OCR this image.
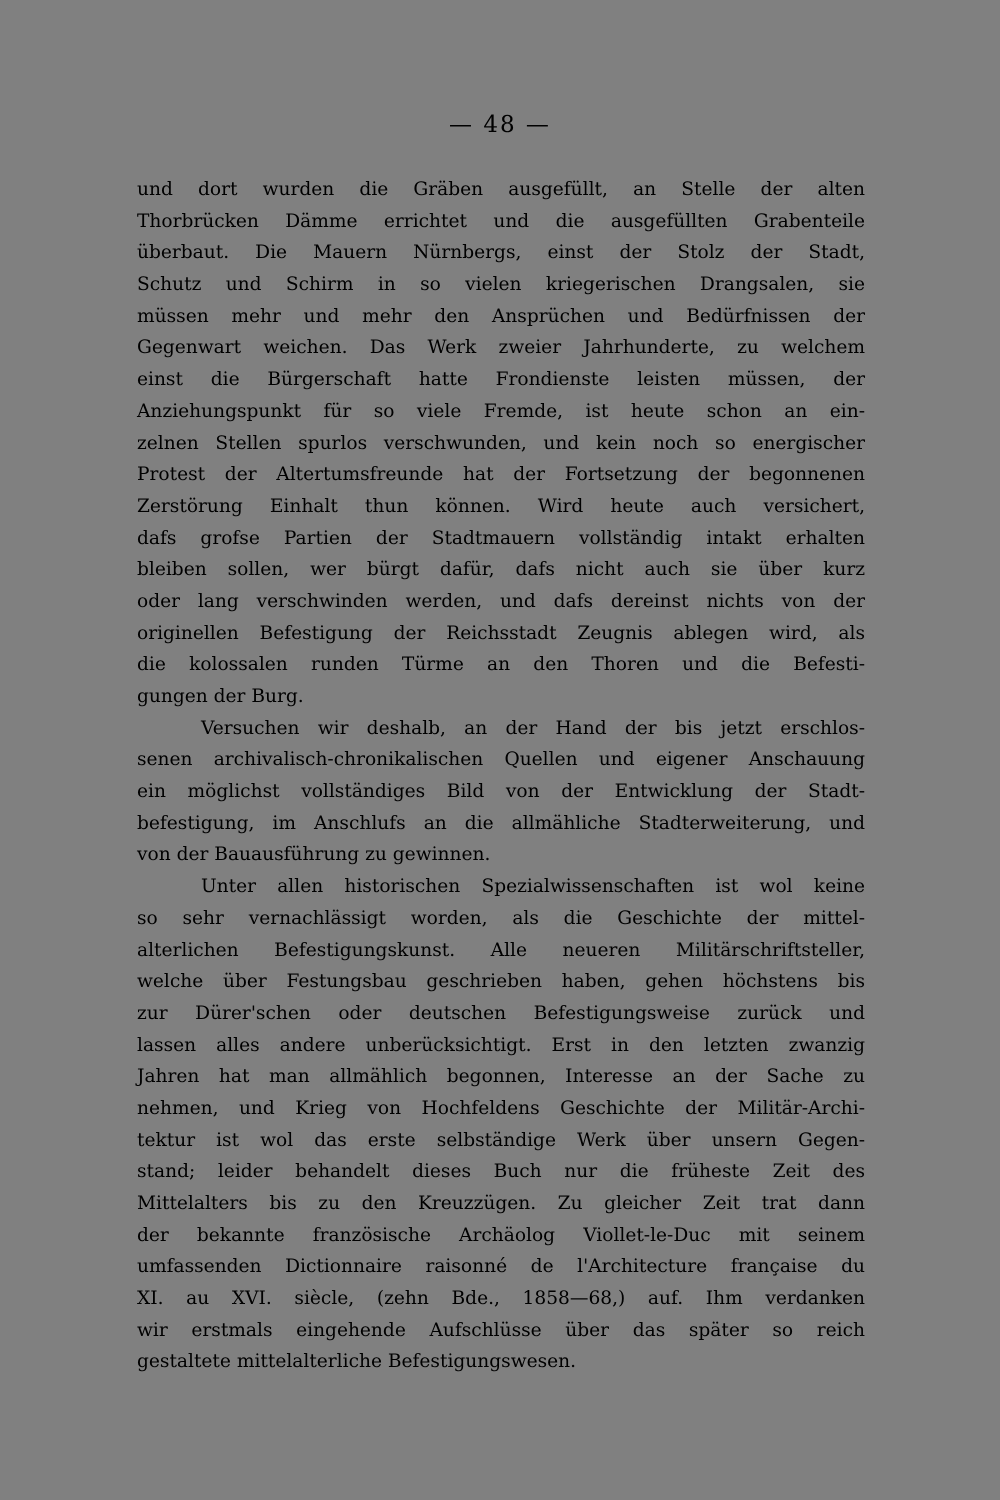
— 48 —
und dort wurden die Gräben ausgefüllt, an Stelle der alten
Thorbrücken Dämme errichtet und die ausgefüllten Grabenteile
überbaut. Die Mauern Nürnbergs, einst der Stolz der Stadt,
Schutz und Schirm in so vielen kriegerischen Drangsalen, sie
müssen mehr und mehr den Ansprüchen und Bedürfnissen der
Gegenwart weichen. Das Werk zweier Jahrhunderte, zu welchem
einst die Bürgerschaft hatte Frondienste leisten müssen, der
Anziehungspunkt für so viele Fremde, ist heute schon an ein-
zelnen Stellen spurlos verschwunden, und kein noch so energischer
Protest der Altertumsfreunde hat der Fortsetzung der begonnenen
Zerstörung Einhalt thun können. Wird heute auch versichert,
dafs grofse Partien der Stadtmauern vollständig intakt erhalten
bleiben sollen, wer bürgt dafür, dafs nicht auch sie über kurz
oder lang verschwinden werden, und dafs dereinst nichts von der
originellen Befestigung der Reichsstadt Zeugnis ablegen wird, als
die kolossalen runden Türme an den Thoren und die Befesti-
gungen der Burg.
Versuchen wir deshalb, an der Hand der bis jetzt erschlos-
senen archivalisch-chronikalischen Quellen und eigener Anschauung
ein möglichst vollständiges Bild von der Entwicklung der Stadt-
befestigung, im Anschlufs an die allmähliche Stadterweiterung, und
von der Bauausführung zu gewinnen.
Unter allen historischen Spezialwissenschaften ist wol keine
so sehr vernachlässigt worden, als die Geschichte der mittel-
alterlichen Befestigungskunst. Alle neueren Militärschriftsteller,
welche über Festungsbau geschrieben haben, gehen höchstens bis
zur Dürer'schen oder deutschen Befestigungsweise zurück und
lassen alles andere unberücksichtigt. Erst in den letzten zwanzig
Jahren hat man allmählich begonnen, Interesse an der Sache zu
nehmen, und Krieg von Hochfeldens Geschichte der Militär-Archi-
tektur ist wol das erste selbständige Werk über unsern Gegen-
stand; leider behandelt dieses Buch nur die früheste Zeit des
Mittelalters bis zu den Kreuzzügen. Zu gleicher Zeit trat dann
der bekannte französische Archäolog Viollet-le-Duc mit seinem
umfassenden Dictionnaire raisonné de l'Architecture française du
XI. au XVI. siècle, (zehn Bde., 1858—68,) auf. Ihm verdanken
wir erstmals eingehende Aufschlüsse über das später so reich
gestaltete mittelalterliche Befestigungswesen.
